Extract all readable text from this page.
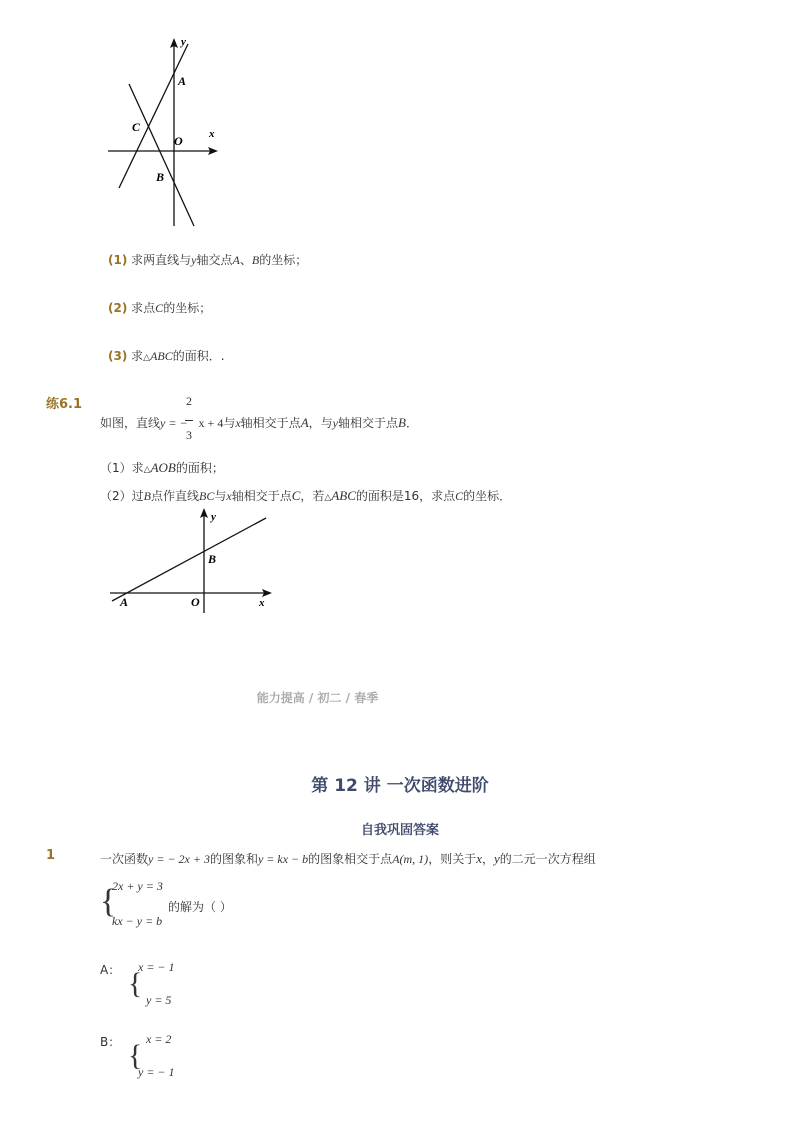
y
x
A
C
O
B
(1) 求两直线与y轴交点A、B的坐标；
(2) 求点C的坐标；
(3) 求△ABC的面积．.
练6.1	2
3
如图，直线y = − x + 4与x轴相交于点A，与y轴相交于点B．
（1）求△AOB的面积；
（2）过B点作直线BC与x轴相交于点C，若△ABC的面积是16，求点C的坐标．
y
B
A	O	x
能力提高 / 初二 / 春季
第 12 讲 一次函数进阶
自我巩固答案
1	一次函数y = − 2x + 3的图象和y = kx − b的图象相交于点A(m, 1)，则关于x，y的二元一次方程组
{
2x + y = 3
kx − y = b
的解为（ ）
A： {
x = − 1
y = 5
B： { x = 2
y = − 1
